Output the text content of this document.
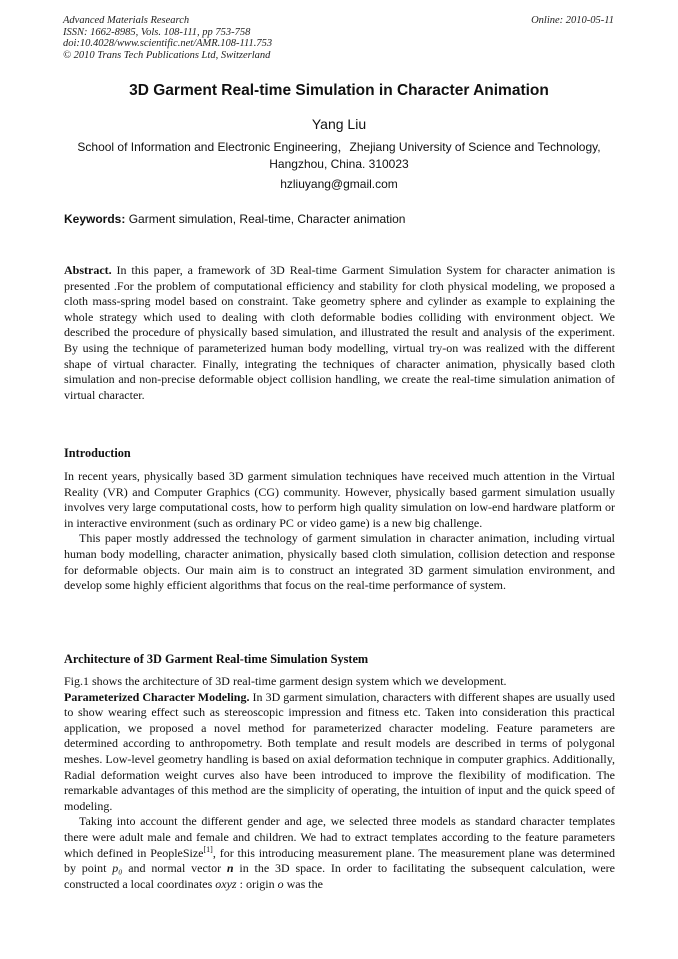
Advanced Materials Research
ISSN: 1662-8985, Vols. 108-111, pp 753-758
doi:10.4028/www.scientific.net/AMR.108-111.753
© 2010 Trans Tech Publications Ltd, Switzerland
Online: 2010-05-11
3D Garment Real-time Simulation in Character Animation
Yang Liu
School of Information and Electronic Engineering，Zhejiang University of Science and Technology,
Hangzhou, China. 310023
hzliuyang@gmail.com
Keywords: Garment simulation, Real-time, Character animation

Abstract. In this paper, a framework of 3D Real-time Garment Simulation System for character animation is presented .For the problem of computational efficiency and stability for cloth physical modeling, we proposed a cloth mass-spring model based on constraint. Take geometry sphere and cylinder as example to explaining the whole strategy which used to dealing with cloth deformable bodies colliding with environment object. We described the procedure of physically based simulation, and illustrated the result and analysis of the experiment. By using the technique of parameterized human body modelling, virtual try-on was realized with the different shape of virtual character. Finally, integrating the techniques of character animation, physically based cloth simulation and non-precise deformable object collision handling, we create the real-time simulation animation of virtual character.

Introduction

In recent years, physically based 3D garment simulation techniques have received much attention in the Virtual Reality (VR) and Computer Graphics (CG) community. However, physically based garment simulation usually involves very large computational costs, how to perform high quality simulation on low-end hardware platform or in interactive environment (such as ordinary PC or video game) is a new big challenge.

This paper mostly addressed the technology of garment simulation in character animation, including virtual human body modelling, character animation, physically based cloth simulation, collision detection and response for deformable objects. Our main aim is to construct an integrated 3D garment simulation environment, and develop some highly efficient algorithms that focus on the real-time performance of system.

Architecture of 3D Garment Real-time Simulation System

Fig.1 shows the architecture of 3D real-time garment design system which we development.

Parameterized Character Modeling. In 3D garment simulation, characters with different shapes are usually used to show wearing effect such as stereoscopic impression and fitness etc. Taken into consideration this practical application, we proposed a novel method for parameterized character modeling. Feature parameters are determined according to anthropometry. Both template and result models are described in terms of polygonal meshes. Low-level geometry handling is based on axial deformation technique in computer graphics. Additionally, Radial deformation weight curves also have been introduced to improve the flexibility of modification. The remarkable advantages of this method are the simplicity of operating, the intuition of input and the quick speed of modeling.

Taking into account the different gender and age, we selected three models as standard character templates there were adult male and female and children. We had to extract templates according to the feature parameters which defined in PeopleSize[1], for this introducing measurement plane. The measurement plane was determined by point p₀ and normal vector n in the 3D space. In order to facilitating the subsequent calculation, were constructed a local coordinates oxyz : origin o was the
